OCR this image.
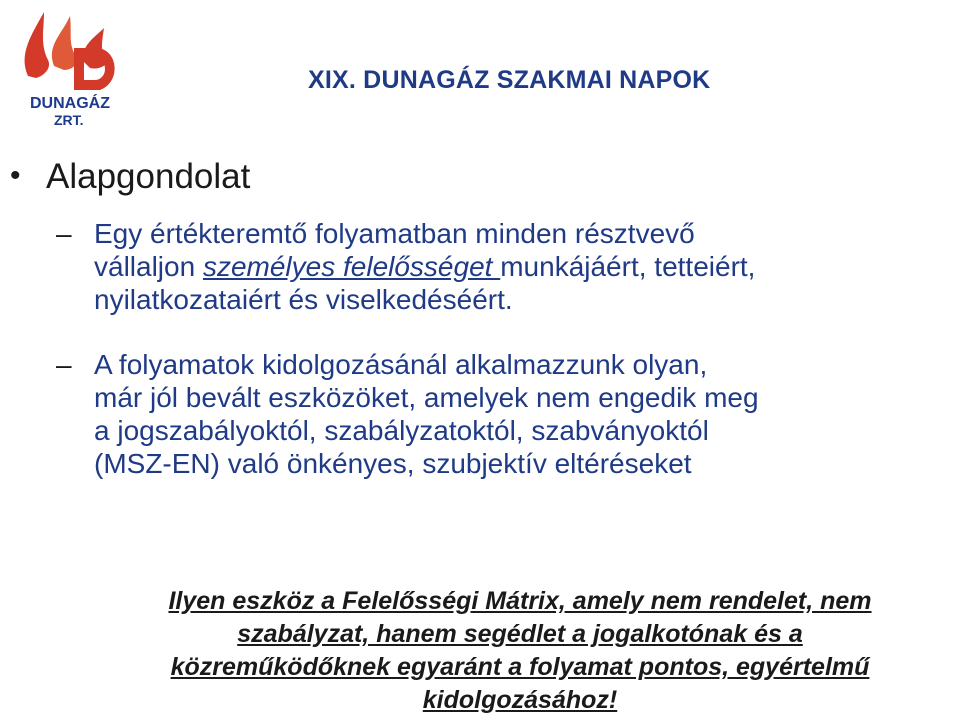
DUNAGÁZ
ZRT.
XIX. DUNAGÁZ SZAKMAI NAPOK
• Alapgondolat
– Egy értékteremtő folyamatban minden résztvevő
vállaljon személyes felelősséget munkájáért, tetteiért,
nyilatkozataiért és viselkedéséért.
– A folyamatok kidolgozásánál alkalmazzunk olyan,
már jól bevált eszközöket, amelyek nem engedik meg
a jogszabályoktól, szabályzatoktól, szabványoktól
(MSZ-EN) való önkényes, szubjektív eltéréseket
Ilyen eszköz a Felelősségi Mátrix, amely nem rendelet, nem
szabályzat, hanem segédlet a jogalkotónak és a
közreműködőknek egyaránt a folyamat pontos, egyértelmű
kidolgozásához!
